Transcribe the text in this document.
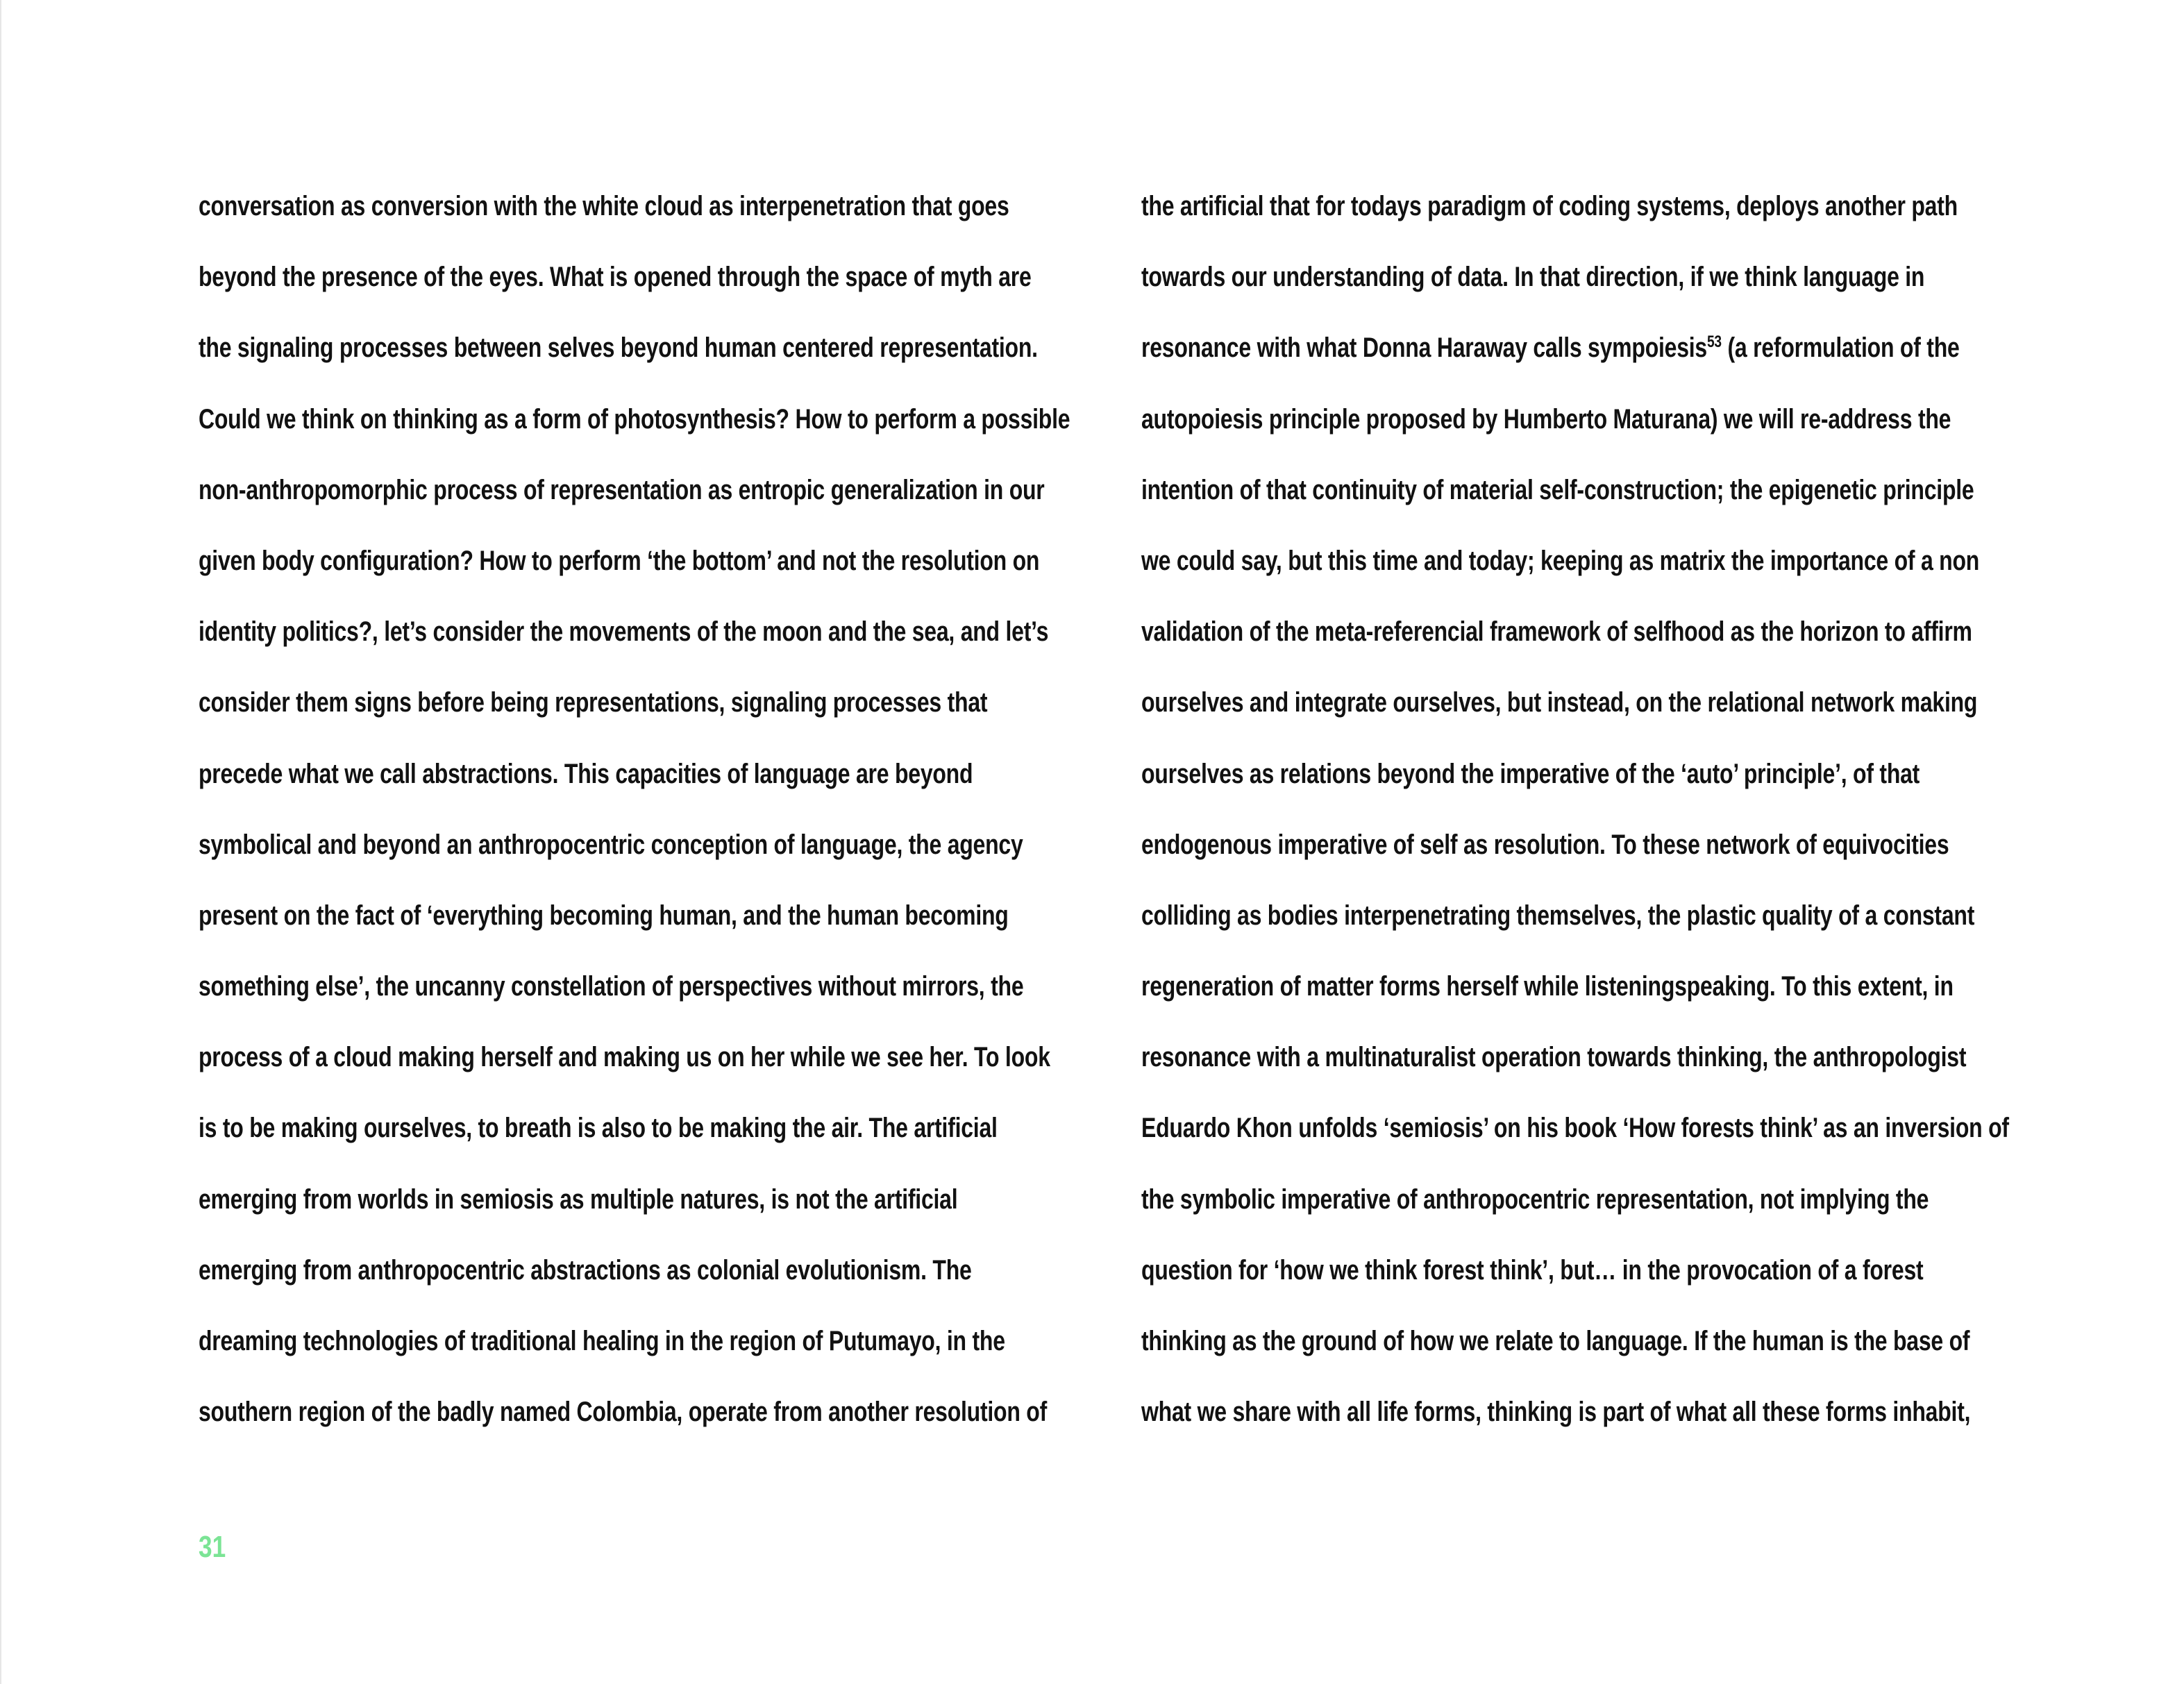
conversation as conversion with the white cloud as interpenetration that goes
beyond the presence of the eyes. What is opened through the space of myth are
the signaling processes between selves beyond human centered representation.
Could we think on thinking as a form of photosynthesis? How to perform a possible
non-anthropomorphic process of representation as entropic generalization in our
given body configuration? How to perform ‘the bottom’ and not the resolution on
identity politics?, let’s consider the movements of the moon and the sea, and let’s
consider them signs before being representations, signaling processes that
precede what we call abstractions. This capacities of language are beyond
symbolical and beyond an anthropocentric conception of language, the agency
present on the fact of ‘everything becoming human, and the human becoming
something else’, the uncanny constellation of perspectives without mirrors, the
process of a cloud making herself and making us on her while we see her. To look
is to be making ourselves, to breath is also to be making the air. The artificial
emerging from worlds in semiosis as multiple natures, is not the artificial
emerging from anthropocentric abstractions as colonial evolutionism. The
dreaming technologies of traditional healing in the region of Putumayo, in the
southern region of the badly named Colombia, operate from another resolution of
the artificial that for todays paradigm of coding systems, deploys another path
towards our understanding of data. In that direction, if we think language in
resonance with what Donna Haraway calls sympoiesis$^{53}$ (a reformulation of the
autopoiesis principle proposed by Humberto Maturana) we will re-address the
intention of that continuity of material self-construction; the epigenetic principle
we could say, but this time and today; keeping as matrix the importance of a non
validation of the meta-referencial framework of selfhood as the horizon to affirm
ourselves and integrate ourselves, but instead, on the relational network making
ourselves as relations beyond the imperative of the ‘auto’ principle’, of that
endogenous imperative of self as resolution. To these network of equivocities
colliding as bodies interpenetrating themselves, the plastic quality of a constant
regeneration of matter forms herself while listeningspeaking. To this extent, in
resonance with a multinaturalist operation towards thinking, the anthropologist
Eduardo Khon unfolds ‘semiosis’ on his book ‘How forests think’ as an inversion of
the symbolic imperative of anthropocentric representation, not implying the
question for ‘how we think forest think’, but… in the provocation of a forest
thinking as the ground of how we relate to language. If the human is the base of
what we share with all life forms, thinking is part of what all these forms inhabit,
31
